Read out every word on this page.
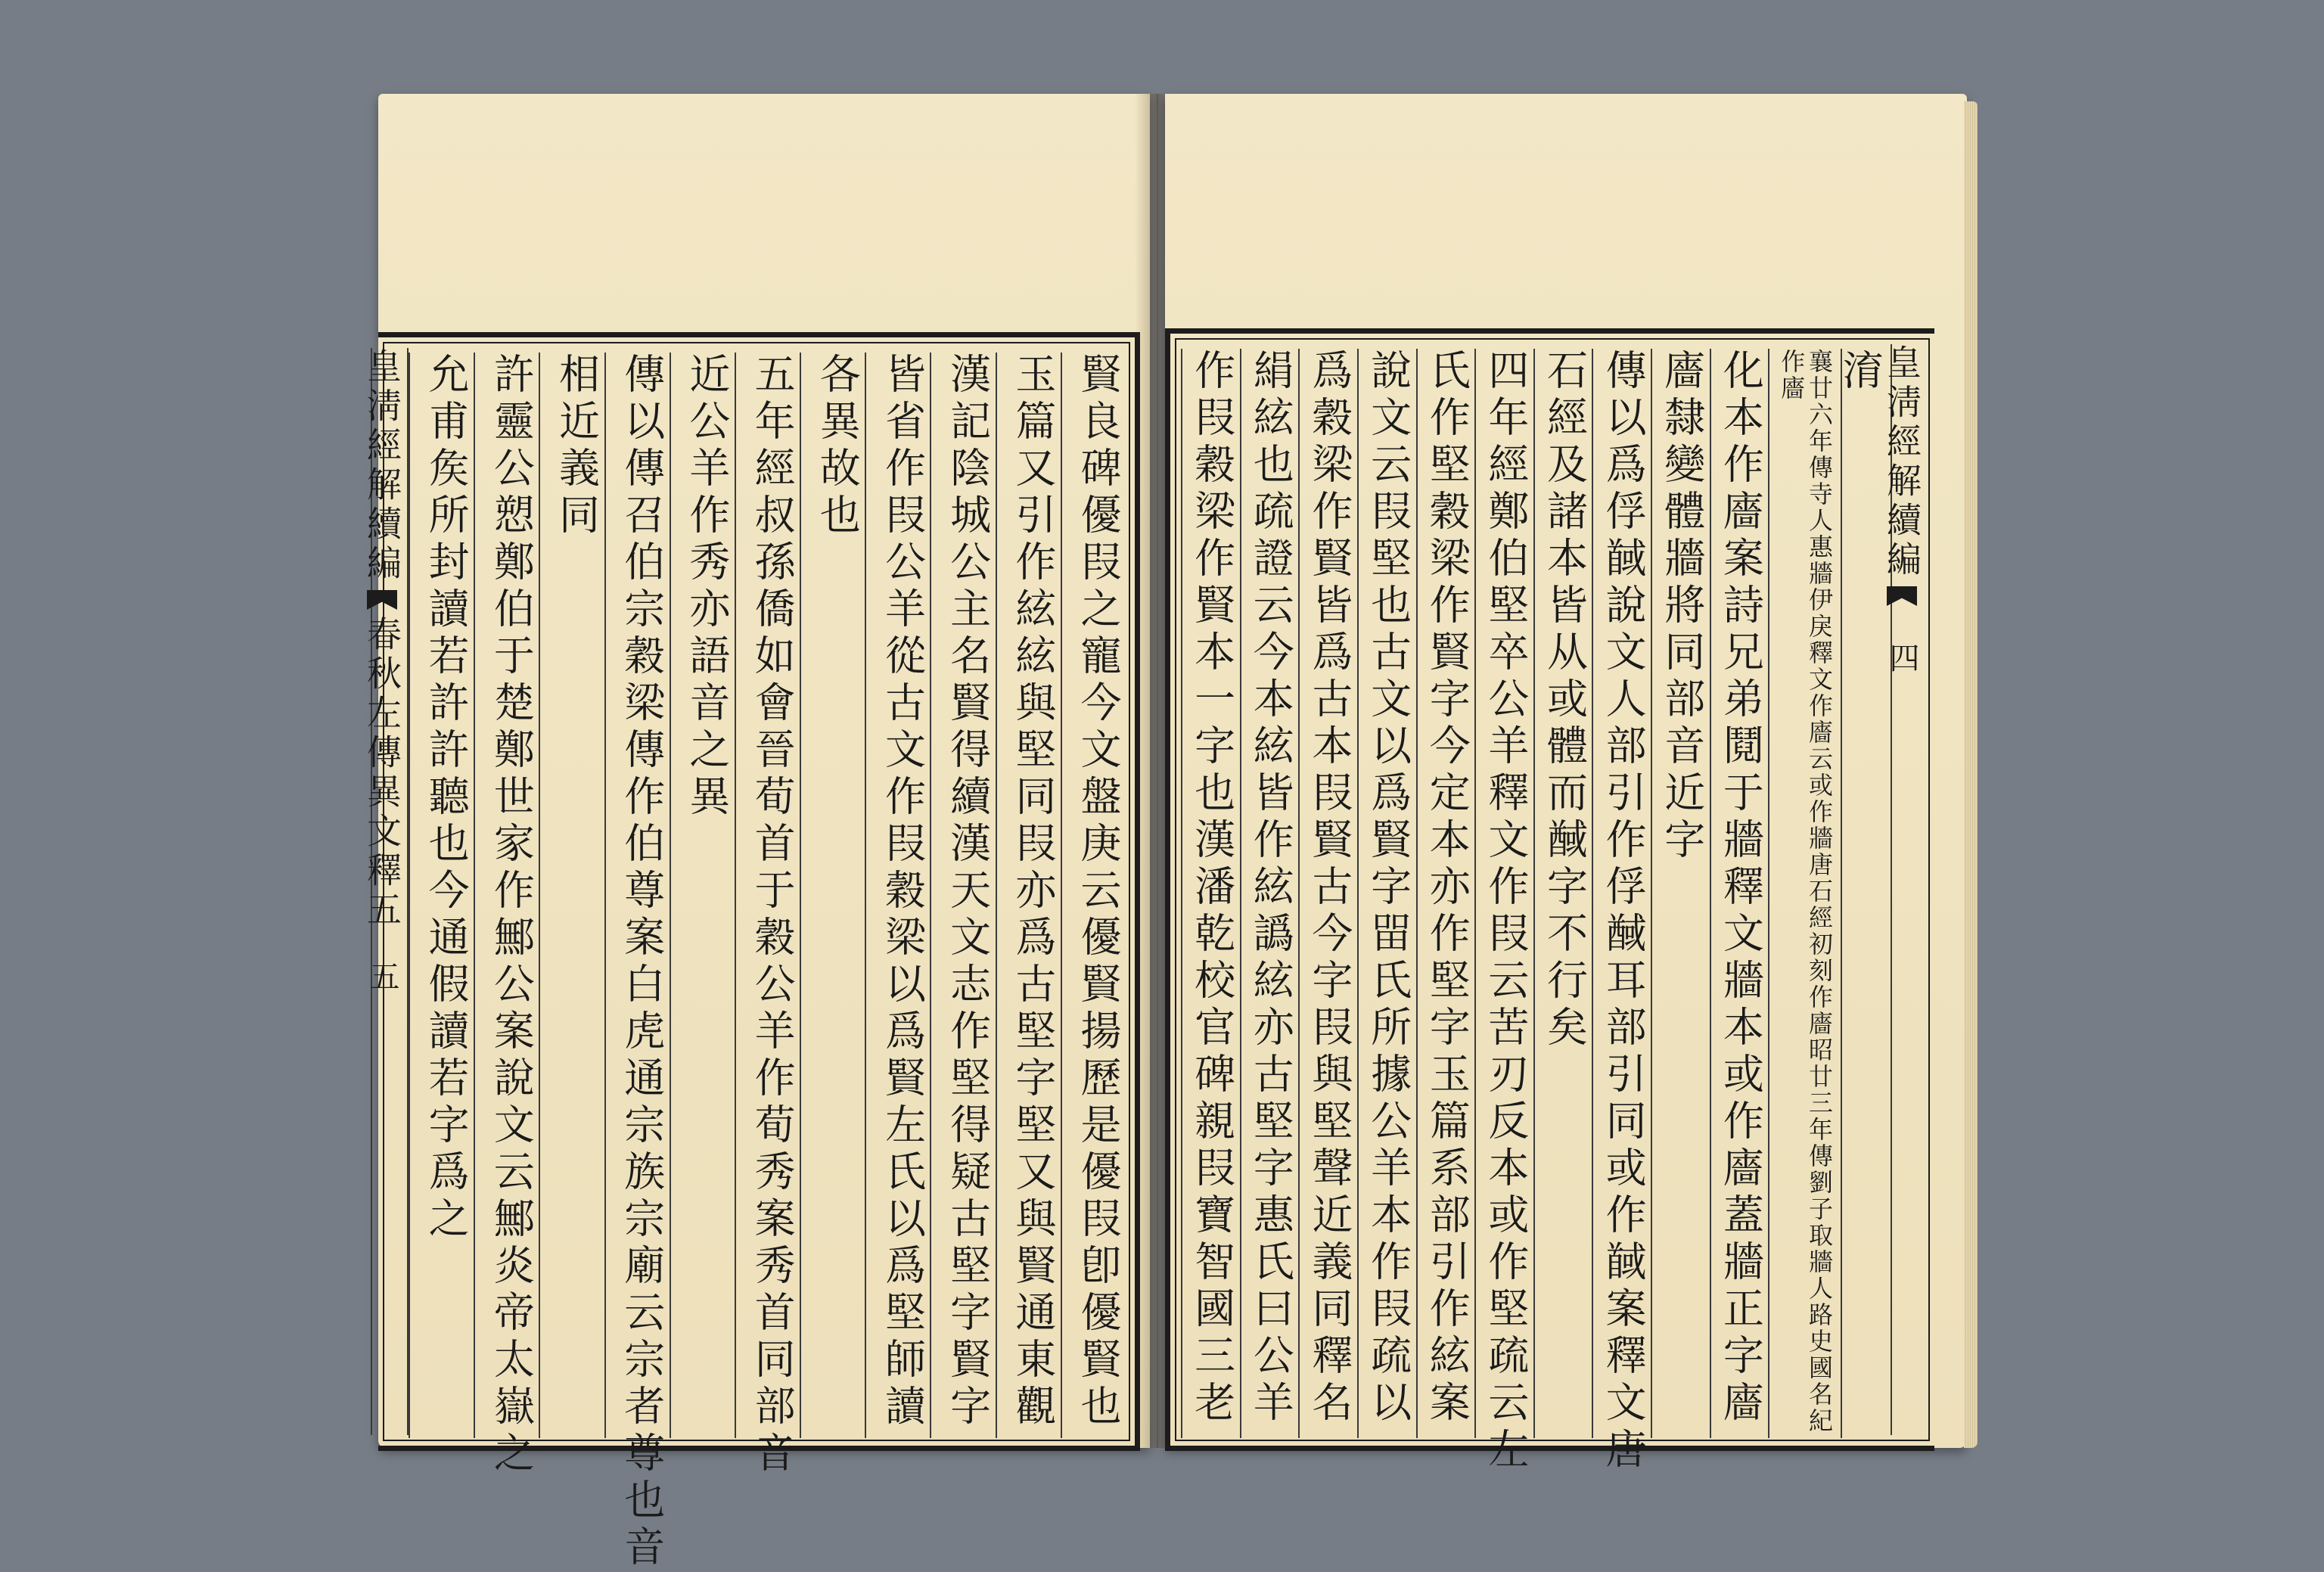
皇淸經解續編春秋左傳異文釋五五	賢良碑優叚之寵今文盤庚云優賢揚歷是優叚卽優賢也
玉篇又引作絃絃與堅同叚亦爲古堅字堅又與賢通東觀
漢記陰城公主名賢得續漢天文志作堅得疑古堅字賢字
皆省作叚公羊從古文作叚穀梁以爲賢左氏以爲堅師讀
各異故也
五年經叔孫僑如會晉荀首于穀公羊作荀秀案秀首同部音
近公羊作秀亦語音之異
傳以傳召伯宗穀梁傳作伯尊案白虎通宗族宗廟云宗者尊也音
相近義同
許靈公愬鄭伯于楚鄭世家作鄦公案說文云鄦炎帝太嶽之
允甫矦所封讀若許許聽也今通假讀若字爲之	皇淸經解續編四
淯
襄廿六年傳寺人惠牆伊戾釋文作廧云或作牆唐石經初刻作廧昭廿三年傳劉子取牆人路史國名紀作廧
化本作廧案詩兄弟鬩于牆釋文牆本或作廧蓋牆正字廧
廧隸變體牆將同部音近字
傳以爲俘馘說文人部引作俘䤋耳部引同或作馘案釋文唐
石經及諸本皆从或體而䤋字不行矣
四年經鄭伯堅卒公羊釋文作叚云苦刃反本或作堅疏云左
氏作堅穀梁作賢字今定本亦作堅字玉篇系部引作絃案
說文云叚堅也古文以爲賢字㽞氏所據公羊本作叚疏以
爲穀梁作賢皆爲古本叚賢古今字叚與堅聲近義同釋名
絹絃也疏證云今本絃皆作絃譌絃亦古堅字惠氏曰公羊
作叚穀梁作賢本一字也漢潘乾校官碑親叚寶智國三老
